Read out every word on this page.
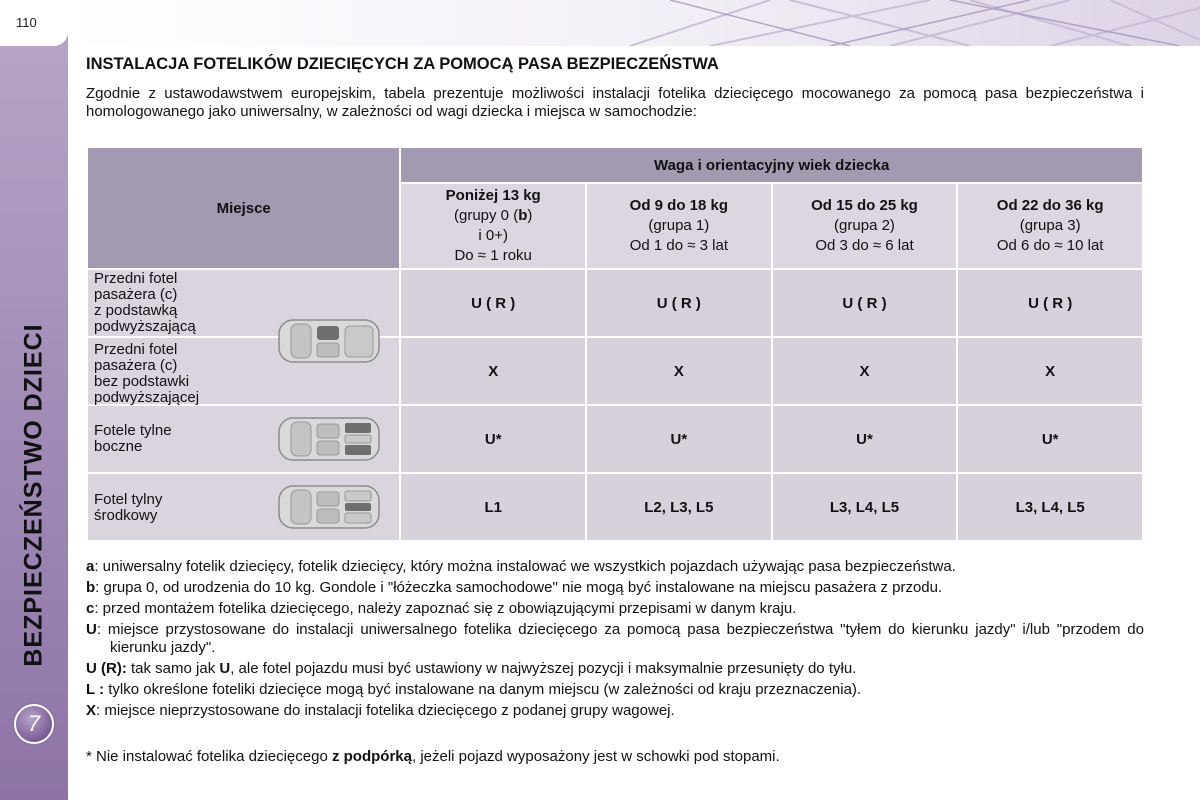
110
BEZPIECZEŃSTWO DZIECI
7
INSTALACJA FOTELIKÓW DZIECIĘCYCH ZA POMOCĄ PASA BEZPIECZEŃSTWA
Zgodnie z ustawodawstwem europejskim, tabela prezentuje możliwości instalacji fotelika dziecięcego mocowanego za pomocą pasa bezpieczeństwa i homologowanego jako uniwersalny, w zależności od wagi dziecka i miejsca w samochodzie:
Miejsce	Waga i orientacyjny wiek dziecka			
	Poniżej 13 kg
(grupy 0 (b)
i 0+)
Do ≈ 1 roku	Od 9 do 18 kg
(grupa 1)
Od 1 do ≈ 3 lat	Od 15 do 25 kg
(grupa 2)
Od 3 do ≈ 6 lat	Od 22 do 36 kg
(grupa 3)
Od 6 do ≈ 10 lat

Przedni fotel
pasażera (c)
z podstawką
podwyższającą	U ( R )	U ( R )	U ( R )	U ( R )

Przedni fotel
pasażera (c)
bez podstawki
podwyższającej	X	X	X	X

Fotele tylne
boczne	U*	U*	U*	U*

Fotel tylny
środkowy	L1	L2, L3, L5	L3, L4, L5	L3, L4, L5
a: uniwersalny fotelik dziecięcy, fotelik dziecięcy, który można instalować we wszystkich pojazdach używając pasa bezpieczeństwa.
b: grupa 0, od urodzenia do 10 kg. Gondole i "łóżeczka samochodowe" nie mogą być instalowane na miejscu pasażera z przodu.
c: przed montażem fotelika dziecięcego, należy zapoznać się z obowiązującymi przepisami w danym kraju.
U: miejsce przystosowane do instalacji uniwersalnego fotelika dziecięcego za pomocą pasa bezpieczeństwa "tyłem do kierunku jazdy" i/lub "przodem do kierunku jazdy".
U (R): tak samo jak U, ale fotel pojazdu musi być ustawiony w najwyższej pozycji i maksymalnie przesunięty do tyłu.
L : tylko określone foteliki dziecięce mogą być instalowane na danym miejscu (w zależności od kraju przeznaczenia).
X: miejsce nieprzystosowane do instalacji fotelika dziecięcego z podanej grupy wagowej.
* Nie instalować fotelika dziecięcego z podpórką, jeżeli pojazd wyposażony jest w schowki pod stopami.
